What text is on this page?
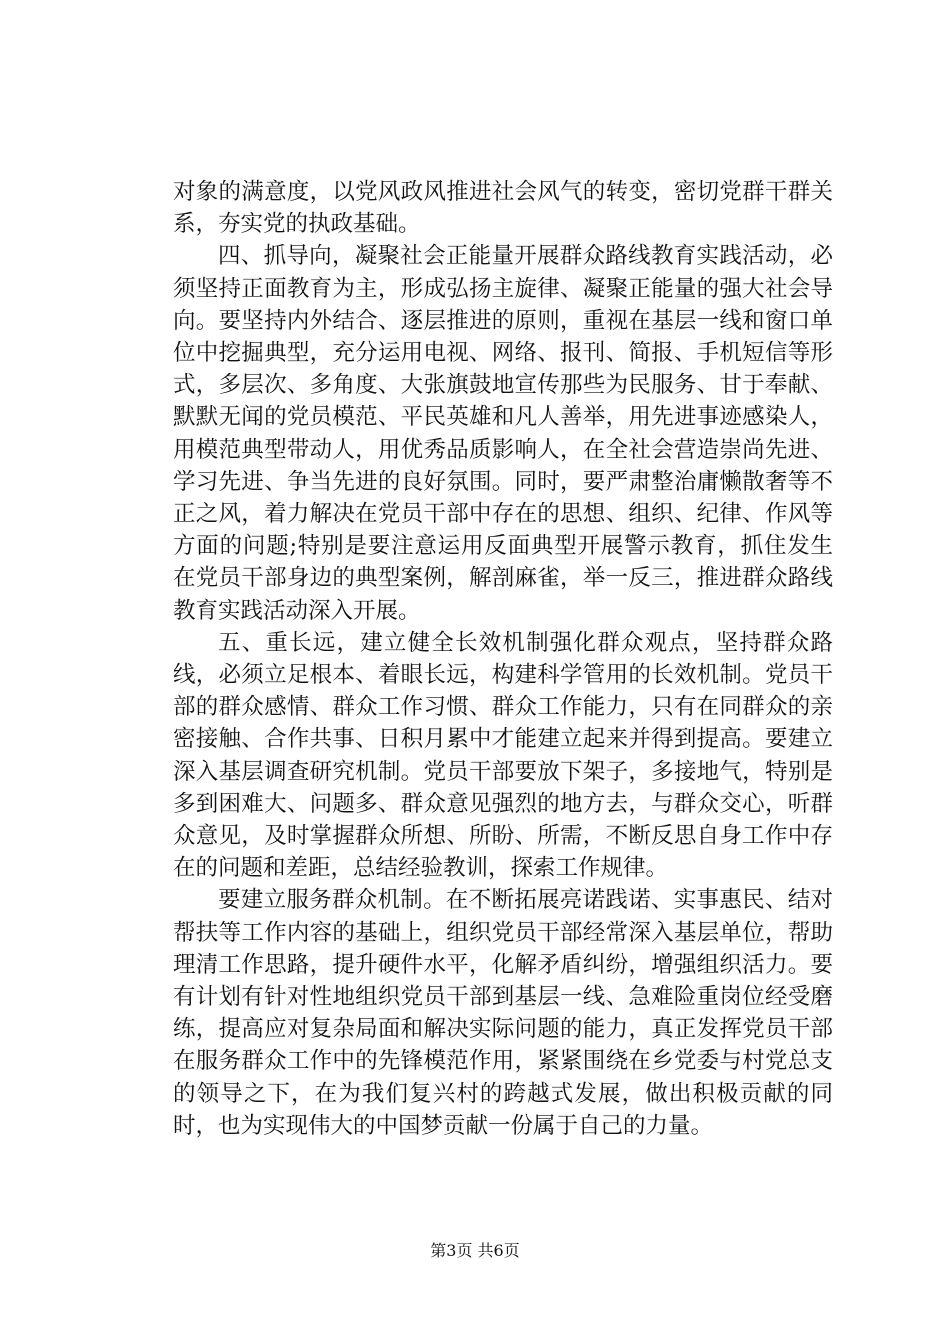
对象的满意度，以党风政风推进社会风气的转变，密切党群干群关系，夯实党的执政基础。

四、抓导向，凝聚社会正能量开展群众路线教育实践活动，必须坚持正面教育为主，形成弘扬主旋律、凝聚正能量的强大社会导向。要坚持内外结合、逐层推进的原则，重视在基层一线和窗口单位中挖掘典型，充分运用电视、网络、报刊、简报、手机短信等形式，多层次、多角度、大张旗鼓地宣传那些为民服务、甘于奉献、默默无闻的党员模范、平民英雄和凡人善举，用先进事迹感染人，用模范典型带动人，用优秀品质影响人，在全社会营造崇尚先进、学习先进、争当先进的良好氛围。同时，要严肃整治庸懒散奢等不正之风，着力解决在党员干部中存在的思想、组织、纪律、作风等方面的问题;特别是要注意运用反面典型开展警示教育，抓住发生在党员干部身边的典型案例，解剖麻雀，举一反三，推进群众路线教育实践活动深入开展。

五、重长远，建立健全长效机制强化群众观点，坚持群众路线，必须立足根本、着眼长远，构建科学管用的长效机制。党员干部的群众感情、群众工作习惯、群众工作能力，只有在同群众的亲密接触、合作共事、日积月累中才能建立起来并得到提高。要建立深入基层调查研究机制。党员干部要放下架子，多接地气，特别是多到困难大、问题多、群众意见强烈的地方去，与群众交心，听群众意见，及时掌握群众所想、所盼、所需，不断反思自身工作中存在的问题和差距，总结经验教训，探索工作规律。

要建立服务群众机制。在不断拓展亮诺践诺、实事惠民、结对帮扶等工作内容的基础上，组织党员干部经常深入基层单位，帮助理清工作思路，提升硬件水平，化解矛盾纠纷，增强组织活力。要有计划有针对性地组织党员干部到基层一线、急难险重岗位经受磨练，提高应对复杂局面和解决实际问题的能力，真正发挥党员干部在服务群众工作中的先锋模范作用，紧紧围绕在乡党委与村党总支的领导之下，在为我们复兴村的跨越式发展，做出积极贡献的同时，也为实现伟大的中国梦贡献一份属于自己的力量。

第3页 共6页
